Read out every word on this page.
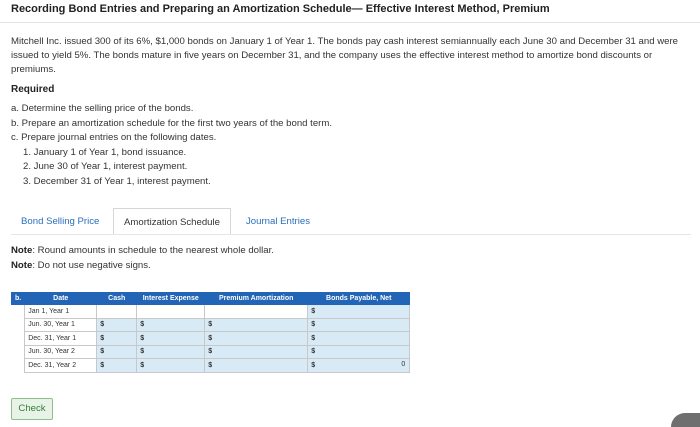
Recording Bond Entries and Preparing an Amortization Schedule— Effective Interest Method, Premium
Mitchell Inc. issued 300 of its 6%, $1,000 bonds on January 1 of Year 1. The bonds pay cash interest semiannually each June 30 and December 31 and were issued to yield 5%. The bonds mature in five years on December 31, and the company uses the effective interest method to amortize bond discounts or premiums.
Required
a. Determine the selling price of the bonds.
b. Prepare an amortization schedule for the first two years of the bond term.
c. Prepare journal entries on the following dates.
1. January 1 of Year 1, bond issuance.
2. June 30 of Year 1, interest payment.
3. December 31 of Year 1, interest payment.
Bond Selling Price	Amortization Schedule	Journal Entries
Note: Round amounts in schedule to the nearest whole dollar.
Note: Do not use negative signs.
b.	Date	Cash	Interest Expense	Premium Amortization	Bonds Payable, Net
	Jan 1, Year 1				$
	Jun. 30, Year 1	$	$	$	$
	Dec. 31, Year 1	$	$	$	$
	Jun. 30, Year 2	$	$	$	$
	Dec. 31, Year 2	$	$	$	$ 0
Check
